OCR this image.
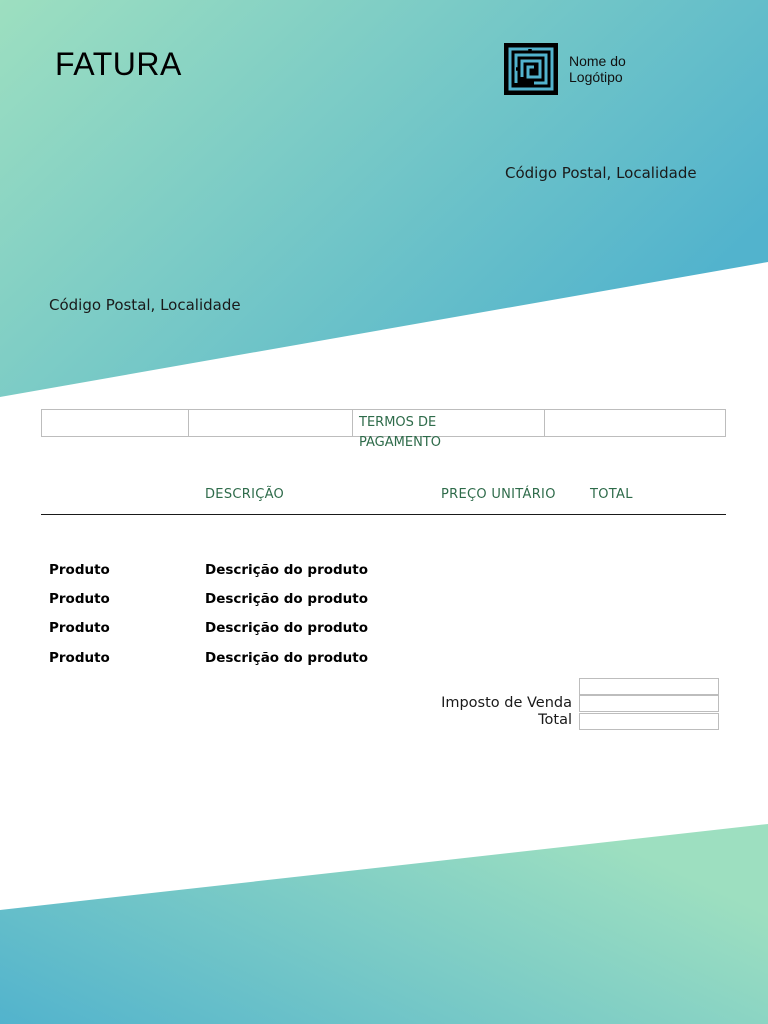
FATURA	Nome do Logótipo
Código Postal, Localidade
Código Postal, Localidade
TERMOS DE PAGAMENTO
DESCRIÇÃO	PREÇO UNITÁRIO	TOTAL
Produto	Descrição do produto
Produto	Descrição do produto
Produto	Descrição do produto
Produto	Descrição do produto
Imposto de Venda
Total
